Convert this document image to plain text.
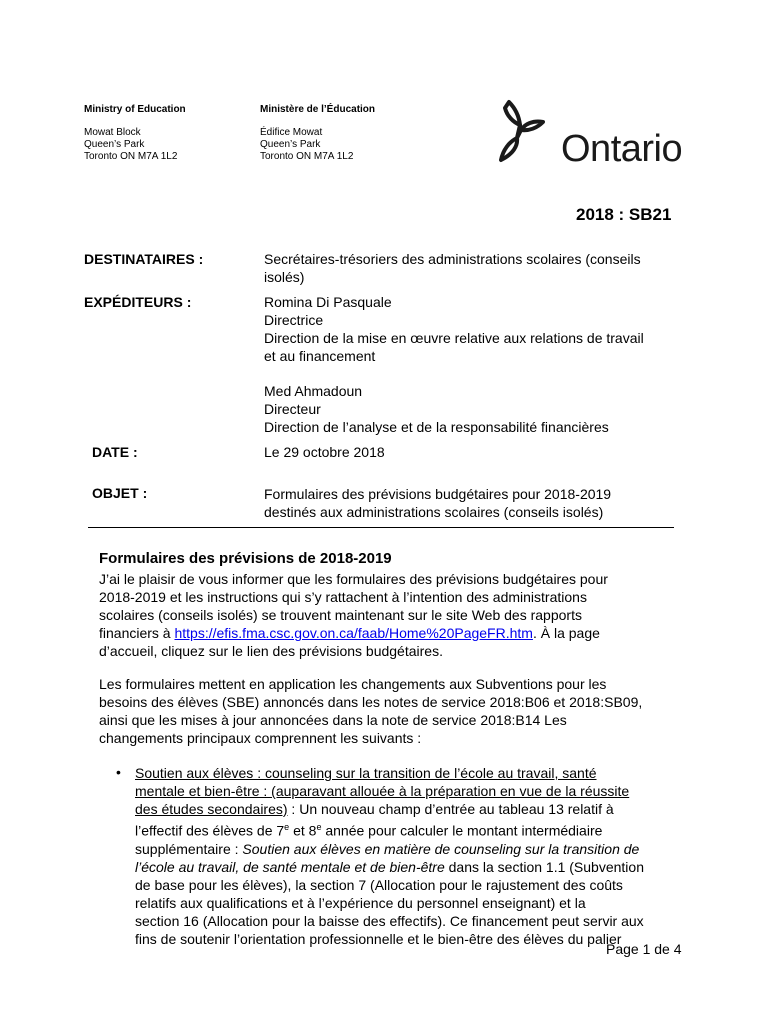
Ministry of Education
Mowat Block
Queen’s Park
Toronto ON M7A 1L2
Ministère de l’Éducation
Édifice Mowat
Queen’s Park
Toronto ON M7A 1L2	Ontario
2018 : SB21
DESTINATAIRES :
EXPÉDITEURS :
DATE :
OBJET :
Secrétaires-trésoriers des administrations scolaires (conseils
isolés)
Romina Di Pasquale
Directrice
Direction de la mise en œuvre relative aux relations de travail
et au financement
Med Ahmadoun
Directeur
Direction de l’analyse et de la responsabilité financières
Le 29 octobre 2018
Formulaires des prévisions budgétaires pour 2018-2019
destinés aux administrations scolaires (conseils isolés)
Formulaires des prévisions de 2018-2019
J’ai le plaisir de vous informer que les formulaires des prévisions budgétaires pour
2018-2019 et les instructions qui s’y rattachent à l’intention des administrations
scolaires (conseils isolés) se trouvent maintenant sur le site Web des rapports
financiers à https://efis.fma.csc.gov.on.ca/faab/Home%20PageFR.htm. À la page
d’accueil, cliquez sur le lien des prévisions budgétaires.
Les formulaires mettent en application les changements aux Subventions pour les
besoins des élèves (SBE) annoncés dans les notes de service 2018:B06 et 2018:SB09,
ainsi que les mises à jour annoncées dans la note de service 2018:B14 Les
changements principaux comprennent les suivants :
• Soutien aux élèves : counseling sur la transition de l’école au travail, santé
mentale et bien-être : (auparavant allouée à la préparation en vue de la réussite
des études secondaires) : Un nouveau champ d’entrée au tableau 13 relatif à
l’effectif des élèves de 7e et 8e année pour calculer le montant intermédiaire
supplémentaire : Soutien aux élèves en matière de counseling sur la transition de
l’école au travail, de santé mentale et de bien-être dans la section 1.1 (Subvention
de base pour les élèves), la section 7 (Allocation pour le rajustement des coûts
relatifs aux qualifications et à l’expérience du personnel enseignant) et la
section 16 (Allocation pour la baisse des effectifs). Ce financement peut servir aux
fins de soutenir l’orientation professionnelle et le bien-être des élèves du palier
Page 1 de 4
